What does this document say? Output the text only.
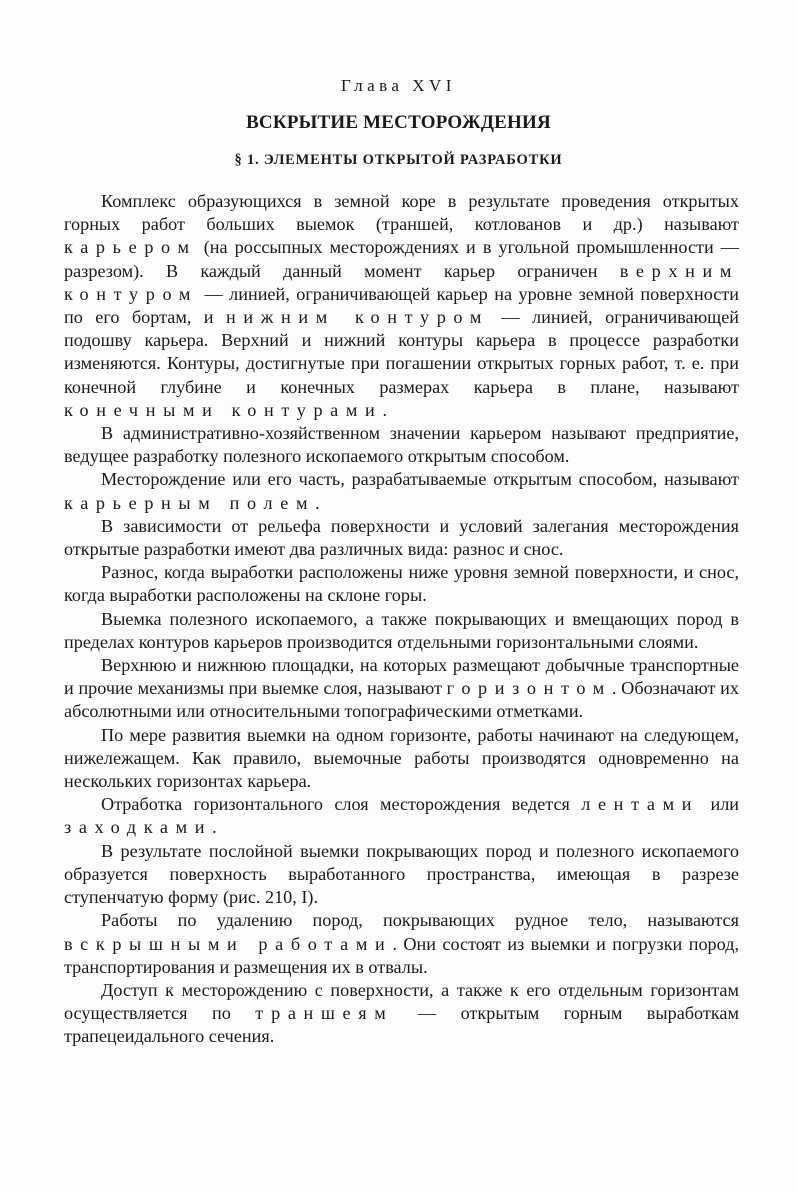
Глава XVI
ВСКРЫТИЕ МЕСТОРОЖДЕНИЯ
§ 1. ЭЛЕМЕНТЫ ОТКРЫТОЙ РАЗРАБОТКИ

Комплекс образующихся в земной коре в результате проведения открытых горных работ больших выемок (траншей, котлованов и др.) называют карьером (на россыпных месторождениях и в угольной промышленности — разрезом). В каждый данный момент карьер ограничен верхним контуром — линией, ограничивающей карьер на уровне земной поверхности по его бортам, и нижним контуром — линией, ограничивающей подошву карьера. Верхний и нижний контуры карьера в процессе разработки изменяются. Контуры, достигнутые при погашении открытых горных работ, т. е. при конечной глубине и конечных размерах карьера в плане, называют конечными контурами.

В административно-хозяйственном значении карьером называют предприятие, ведущее разработку полезного ископаемого открытым способом.

Месторождение или его часть, разрабатываемые открытым способом, называют карьерным полем.

В зависимости от рельефа поверхности и условий залегания месторождения открытые разработки имеют два различных вида: разнос и снос.

Разнос, когда выработки расположены ниже уровня земной поверхности, и снос, когда выработки расположены на склоне горы.

Выемка полезного ископаемого, а также покрывающих и вмещающих пород в пределах контуров карьеров производится отдельными горизонтальными слоями.

Верхнюю и нижнюю площадки, на которых размещают добычные транспортные и прочие механизмы при выемке слоя, называют горизонтом. Обозначают их абсолютными или относительными топографическими отметками.

По мере развития выемки на одном горизонте, работы начинают на следующем, нижележащем. Как правило, выемочные работы производятся одновременно на нескольких горизонтах карьера.

Отработка горизонтального слоя месторождения ведется лентами или заходками.

В результате послойной выемки покрывающих пород и полезного ископаемого образуется поверхность выработанного пространства, имеющая в разрезе ступенчатую форму (рис. 210, I).

Работы по удалению пород, покрывающих рудное тело, называются вскрышными работами. Они состоят из выемки и погрузки пород, транспортирования и размещения их в отвалы.

Доступ к месторождению с поверхности, а также к его отдельным горизонтам осуществляется по траншеям — открытым горным выработкам трапецеидального сечения.
